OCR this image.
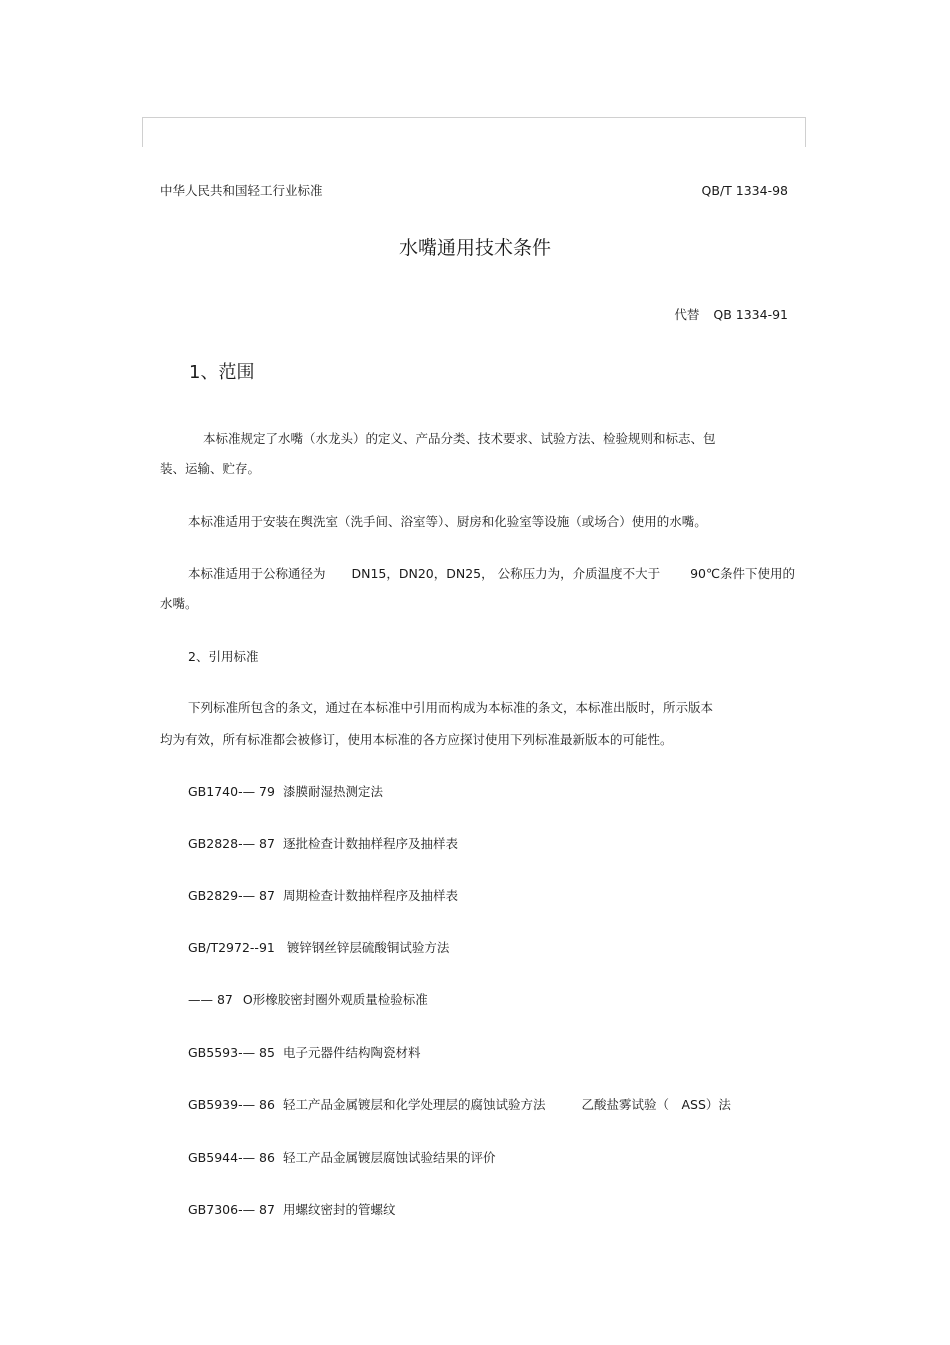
中华人民共和国轻工行业标准	QB/T 1334-98
水嘴通用技术条件
代替 QB 1334-91
1、范围
本标准规定了水嘴（水龙头）的定义、产品分类、技术要求、试验方法、检验规则和标志、包
装、运输、贮存。
本标准适用于安装在舆洗室（洗手间、浴室等）、厨房和化验室等设施（或场合）使用的水嘴。
本标准适用于公称通径为 DN15，DN20，DN25， 公称压力为，介质温度不大于 90℃条件下使用的
水嘴。
2、引用标准
下列标准所包含的条文，通过在本标准中引用而构成为本标准的条文，本标准出版时，所示版本
均为有效，所有标准都会被修订，使用本标准的各方应探讨使用下列标准最新版本的可能性。
GB1740-— 79 漆膜耐湿热测定法
GB2828-— 87 逐批检查计数抽样程序及抽样表
GB2829-— 87 周期检查计数抽样程序及抽样表
GB/T2972--91 镀锌钢丝锌层硫酸铜试验方法
—— 87 O形橡胶密封圈外观质量检验标准
GB5593-— 85 电子元器件结构陶瓷材料
GB5939-— 86 轻工产品金属镀层和化学处理层的腐蚀试验方法	乙酸盐雾试验（　ASS）法
GB5944-— 86 轻工产品金属镀层腐蚀试验结果的评价
GB7306-— 87 用螺纹密封的管螺纹
